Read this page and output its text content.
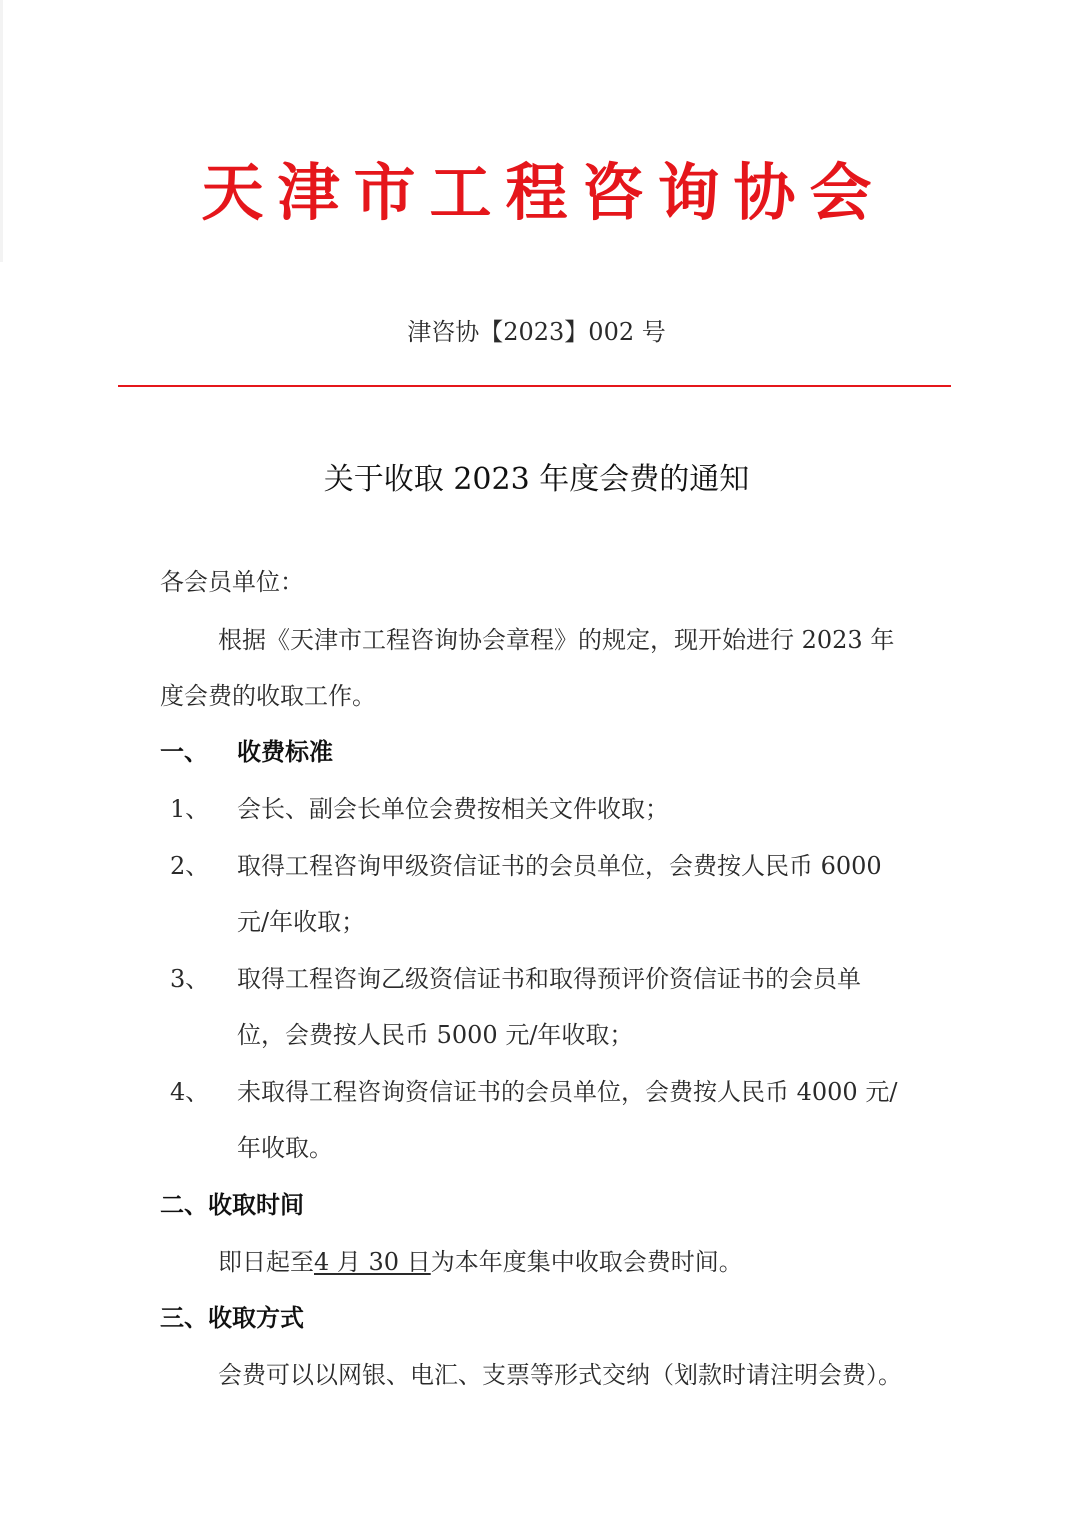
天津市工程咨询协会
津咨协【2023】002 号
关于收取 2023 年度会费的通知
各会员单位：
根据《天津市工程咨询协会章程》的规定，现开始进行 2023 年
度会费的收取工作。
一、 收费标准
1、	会长、副会长单位会费按相关文件收取；
2、	取得工程咨询甲级资信证书的会员单位，会费按人民币 6000
元/年收取；
3、	取得工程咨询乙级资信证书和取得预评价资信证书的会员单
位，会费按人民币 5000 元/年收取；
4、	未取得工程咨询资信证书的会员单位，会费按人民币 4000 元/
年收取。
二、收取时间
即日起至4 月 30 日为本年度集中收取会费时间。
三、收取方式
会费可以以网银、电汇、支票等形式交纳（划款时请注明会费）。
